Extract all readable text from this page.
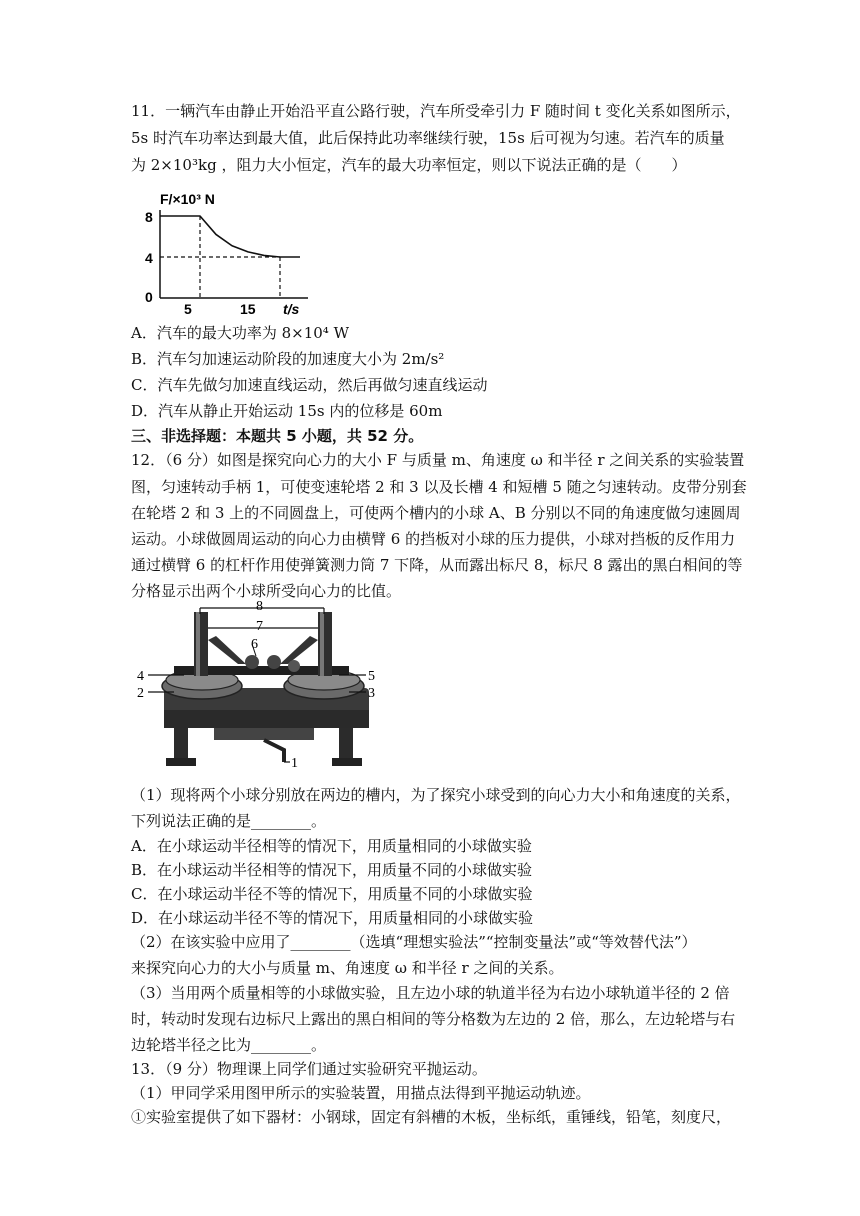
11．一辆汽车由静止开始沿平直公路行驶，汽车所受牵引力 F 随时间 t 变化关系如图所示，
5s 时汽车功率达到最大值，此后保持此功率继续行驶，15s 后可视为匀速。若汽车的质量
为 2×10³kg ，阻力大小恒定，汽车的最大功率恒定，则以下说法正确的是（　　）
F/×10³ N
t/s
0
5	15
8
4
A．汽车的最大功率为 8×10⁴ W
B．汽车匀加速运动阶段的加速度大小为 2m/s²
C．汽车先做匀加速直线运动，然后再做匀速直线运动
D．汽车从静止开始运动 15s 内的位移是 60m
三、非选择题：本题共 5 小题，共 52 分。
12．（6 分）如图是探究向心力的大小 F 与质量 m、角速度 ω 和半径 r 之间关系的实验装置
图，匀速转动手柄 1，可使变速轮塔 2 和 3 以及长槽 4 和短槽 5 随之匀速转动。皮带分别套
在轮塔 2 和 3 上的不同圆盘上，可使两个槽内的小球 A、B 分别以不同的角速度做匀速圆周
运动。小球做圆周运动的向心力由横臂 6 的挡板对小球的压力提供，小球对挡板的反作用力
通过横臂 6 的杠杆作用使弹簧测力筒 7 下降，从而露出标尺 8，标尺 8 露出的黑白相间的等
分格显示出两个小球所受向心力的比值。
8
7
6
4
2
5
3
1
（1）现将两个小球分别放在两边的槽内，为了探究小球受到的向心力大小和角速度的关系，
下列说法正确的是________。
A．在小球运动半径相等的情况下，用质量相同的小球做实验
B．在小球运动半径相等的情况下，用质量不同的小球做实验
C．在小球运动半径不等的情况下，用质量不同的小球做实验
D．在小球运动半径不等的情况下，用质量相同的小球做实验
（2）在该实验中应用了________（选填“理想实验法”“控制变量法”或“等效替代法”）
来探究向心力的大小与质量 m、角速度 ω 和半径 r 之间的关系。
（3）当用两个质量相等的小球做实验，且左边小球的轨道半径为右边小球轨道半径的 2 倍
时，转动时发现右边标尺上露出的黑白相间的等分格数为左边的 2 倍，那么，左边轮塔与右
边轮塔半径之比为________。
13．（9 分）物理课上同学们通过实验研究平抛运动。
（1）甲同学采用图甲所示的实验装置，用描点法得到平抛运动轨迹。
①实验室提供了如下器材：小钢球，固定有斜槽的木板，坐标纸，重锤线，铅笔，刻度尺，
